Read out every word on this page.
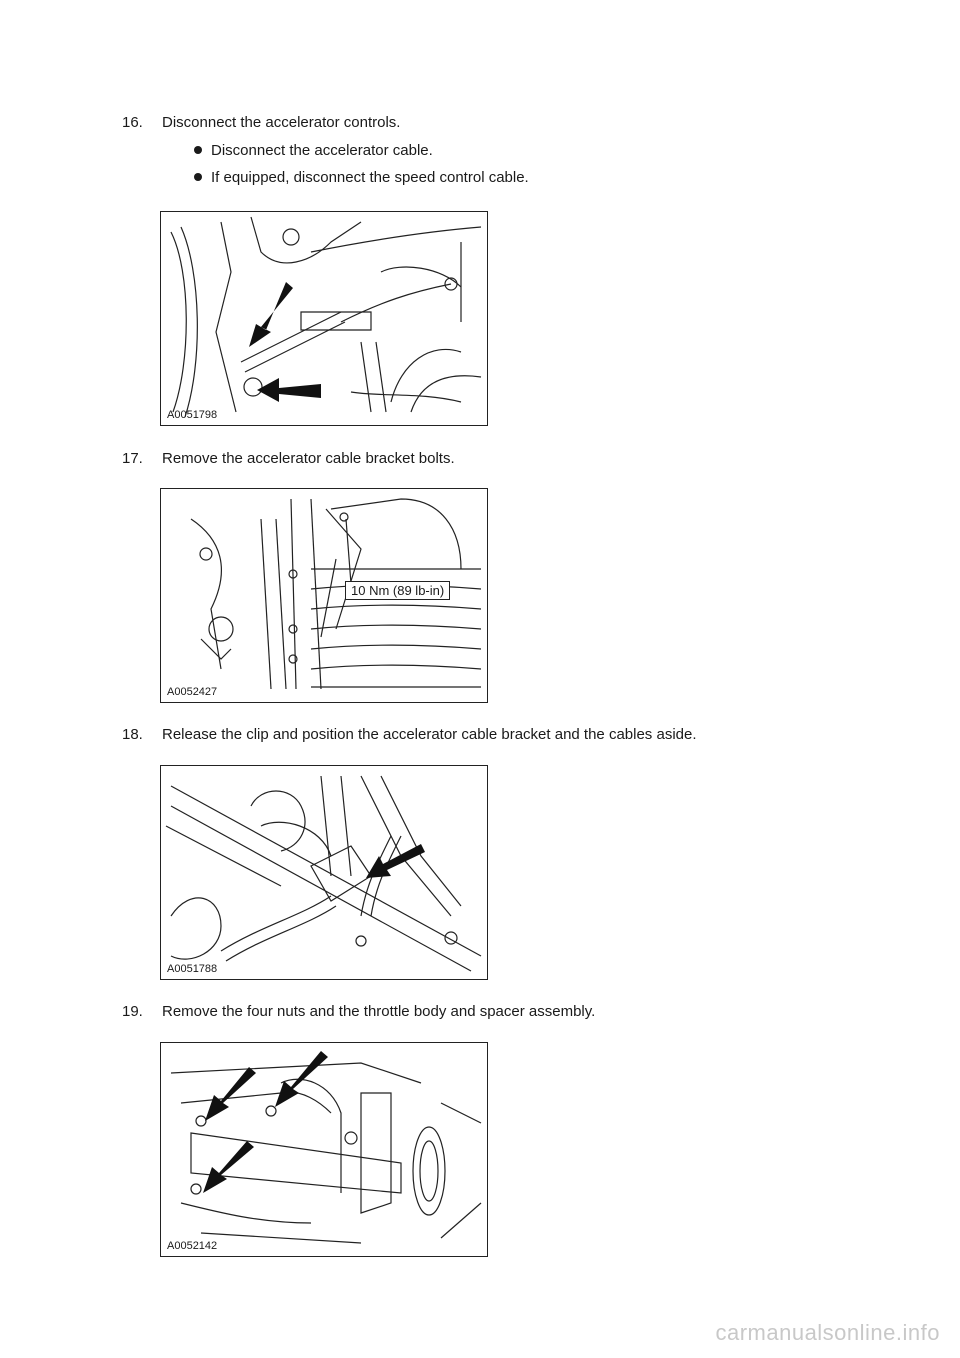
16. Disconnect the accelerator controls.
Disconnect the accelerator cable.
If equipped, disconnect the speed control cable.
A0051798
17. Remove the accelerator cable bracket bolts.
10 Nm (89 lb-in)
A0052427
18. Release the clip and position the accelerator cable bracket and the cables aside.
A0051788
19. Remove the four nuts and the throttle body and spacer assembly.
A0052142
carmanualsonline.info
